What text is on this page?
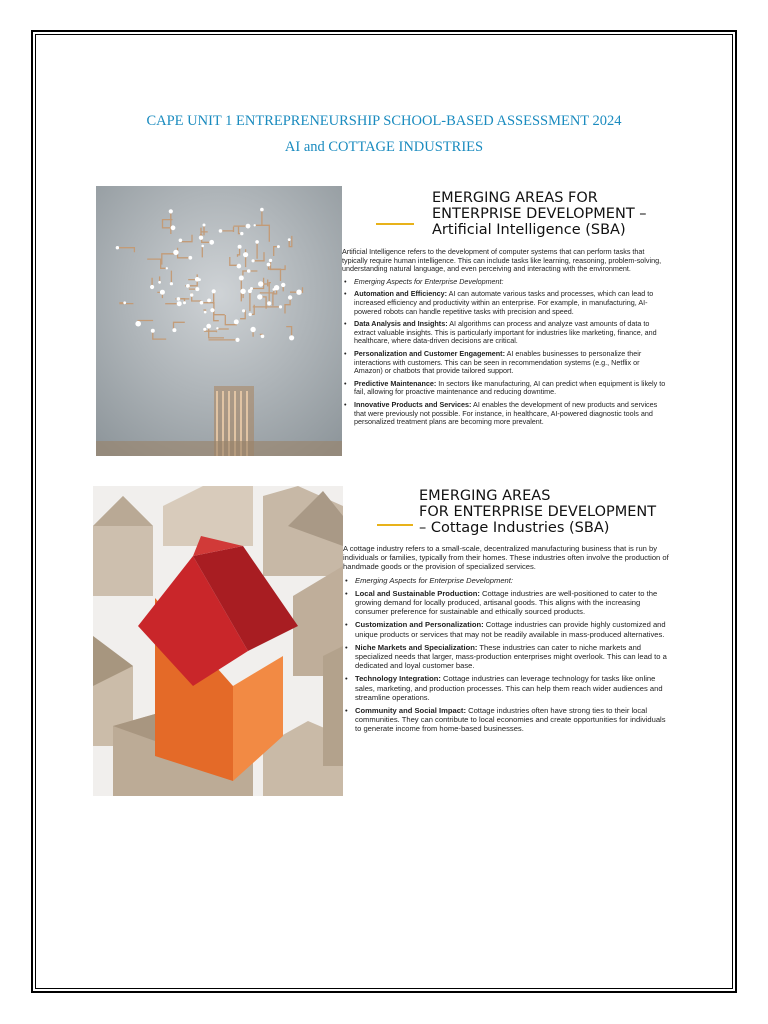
CAPE UNIT 1 ENTREPRENEURSHIP SCHOOL-BASED ASSESSMENT 2024
AI and COTTAGE INDUSTRIES
EMERGING AREAS FOR
ENTERPRISE DEVELOPMENT –
Artificial Intelligence (SBA)
Artificial Intelligence refers to the development of computer systems that can perform tasks that typically require human intelligence. This can include tasks like learning, reasoning, problem-solving, understanding natural language, and even perceiving and interacting with the environment.
• Emerging Aspects for Enterprise Development:
• Automation and Efficiency: AI can automate various tasks and processes, which can lead to increased efficiency and productivity within an enterprise. For example, in manufacturing, AI-powered robots can handle repetitive tasks with precision and speed.
• Data Analysis and Insights: AI algorithms can process and analyze vast amounts of data to extract valuable insights. This is particularly important for industries like marketing, finance, and healthcare, where data-driven decisions are critical.
• Personalization and Customer Engagement: AI enables businesses to personalize their interactions with customers. This can be seen in recommendation systems (e.g., Netflix or Amazon) or chatbots that provide tailored support.
• Predictive Maintenance: In sectors like manufacturing, AI can predict when equipment is likely to fail, allowing for proactive maintenance and reducing downtime.
• Innovative Products and Services: AI enables the development of new products and services that were previously not possible. For instance, in healthcare, AI-powered diagnostic tools and personalized treatment plans are becoming more prevalent.
EMERGING AREAS
FOR ENTERPRISE DEVELOPMENT
– Cottage Industries (SBA)
A cottage industry refers to a small-scale, decentralized manufacturing business that is run by individuals or families, typically from their homes. These industries often involve the production of handmade goods or the provision of specialized services.
• Emerging Aspects for Enterprise Development:
• Local and Sustainable Production: Cottage industries are well-positioned to cater to the growing demand for locally produced, artisanal goods. This aligns with the increasing consumer preference for sustainable and ethically sourced products.
• Customization and Personalization: Cottage industries can provide highly customized and unique products or services that may not be readily available in mass-produced alternatives.
• Niche Markets and Specialization: These industries can cater to niche markets and specialized needs that larger, mass-production enterprises might overlook. This can lead to a dedicated and loyal customer base.
• Technology Integration: Cottage industries can leverage technology for tasks like online sales, marketing, and production processes. This can help them reach wider audiences and streamline operations.
• Community and Social Impact: Cottage industries often have strong ties to their local communities. They can contribute to local economies and create opportunities for individuals to generate income from home-based businesses.
